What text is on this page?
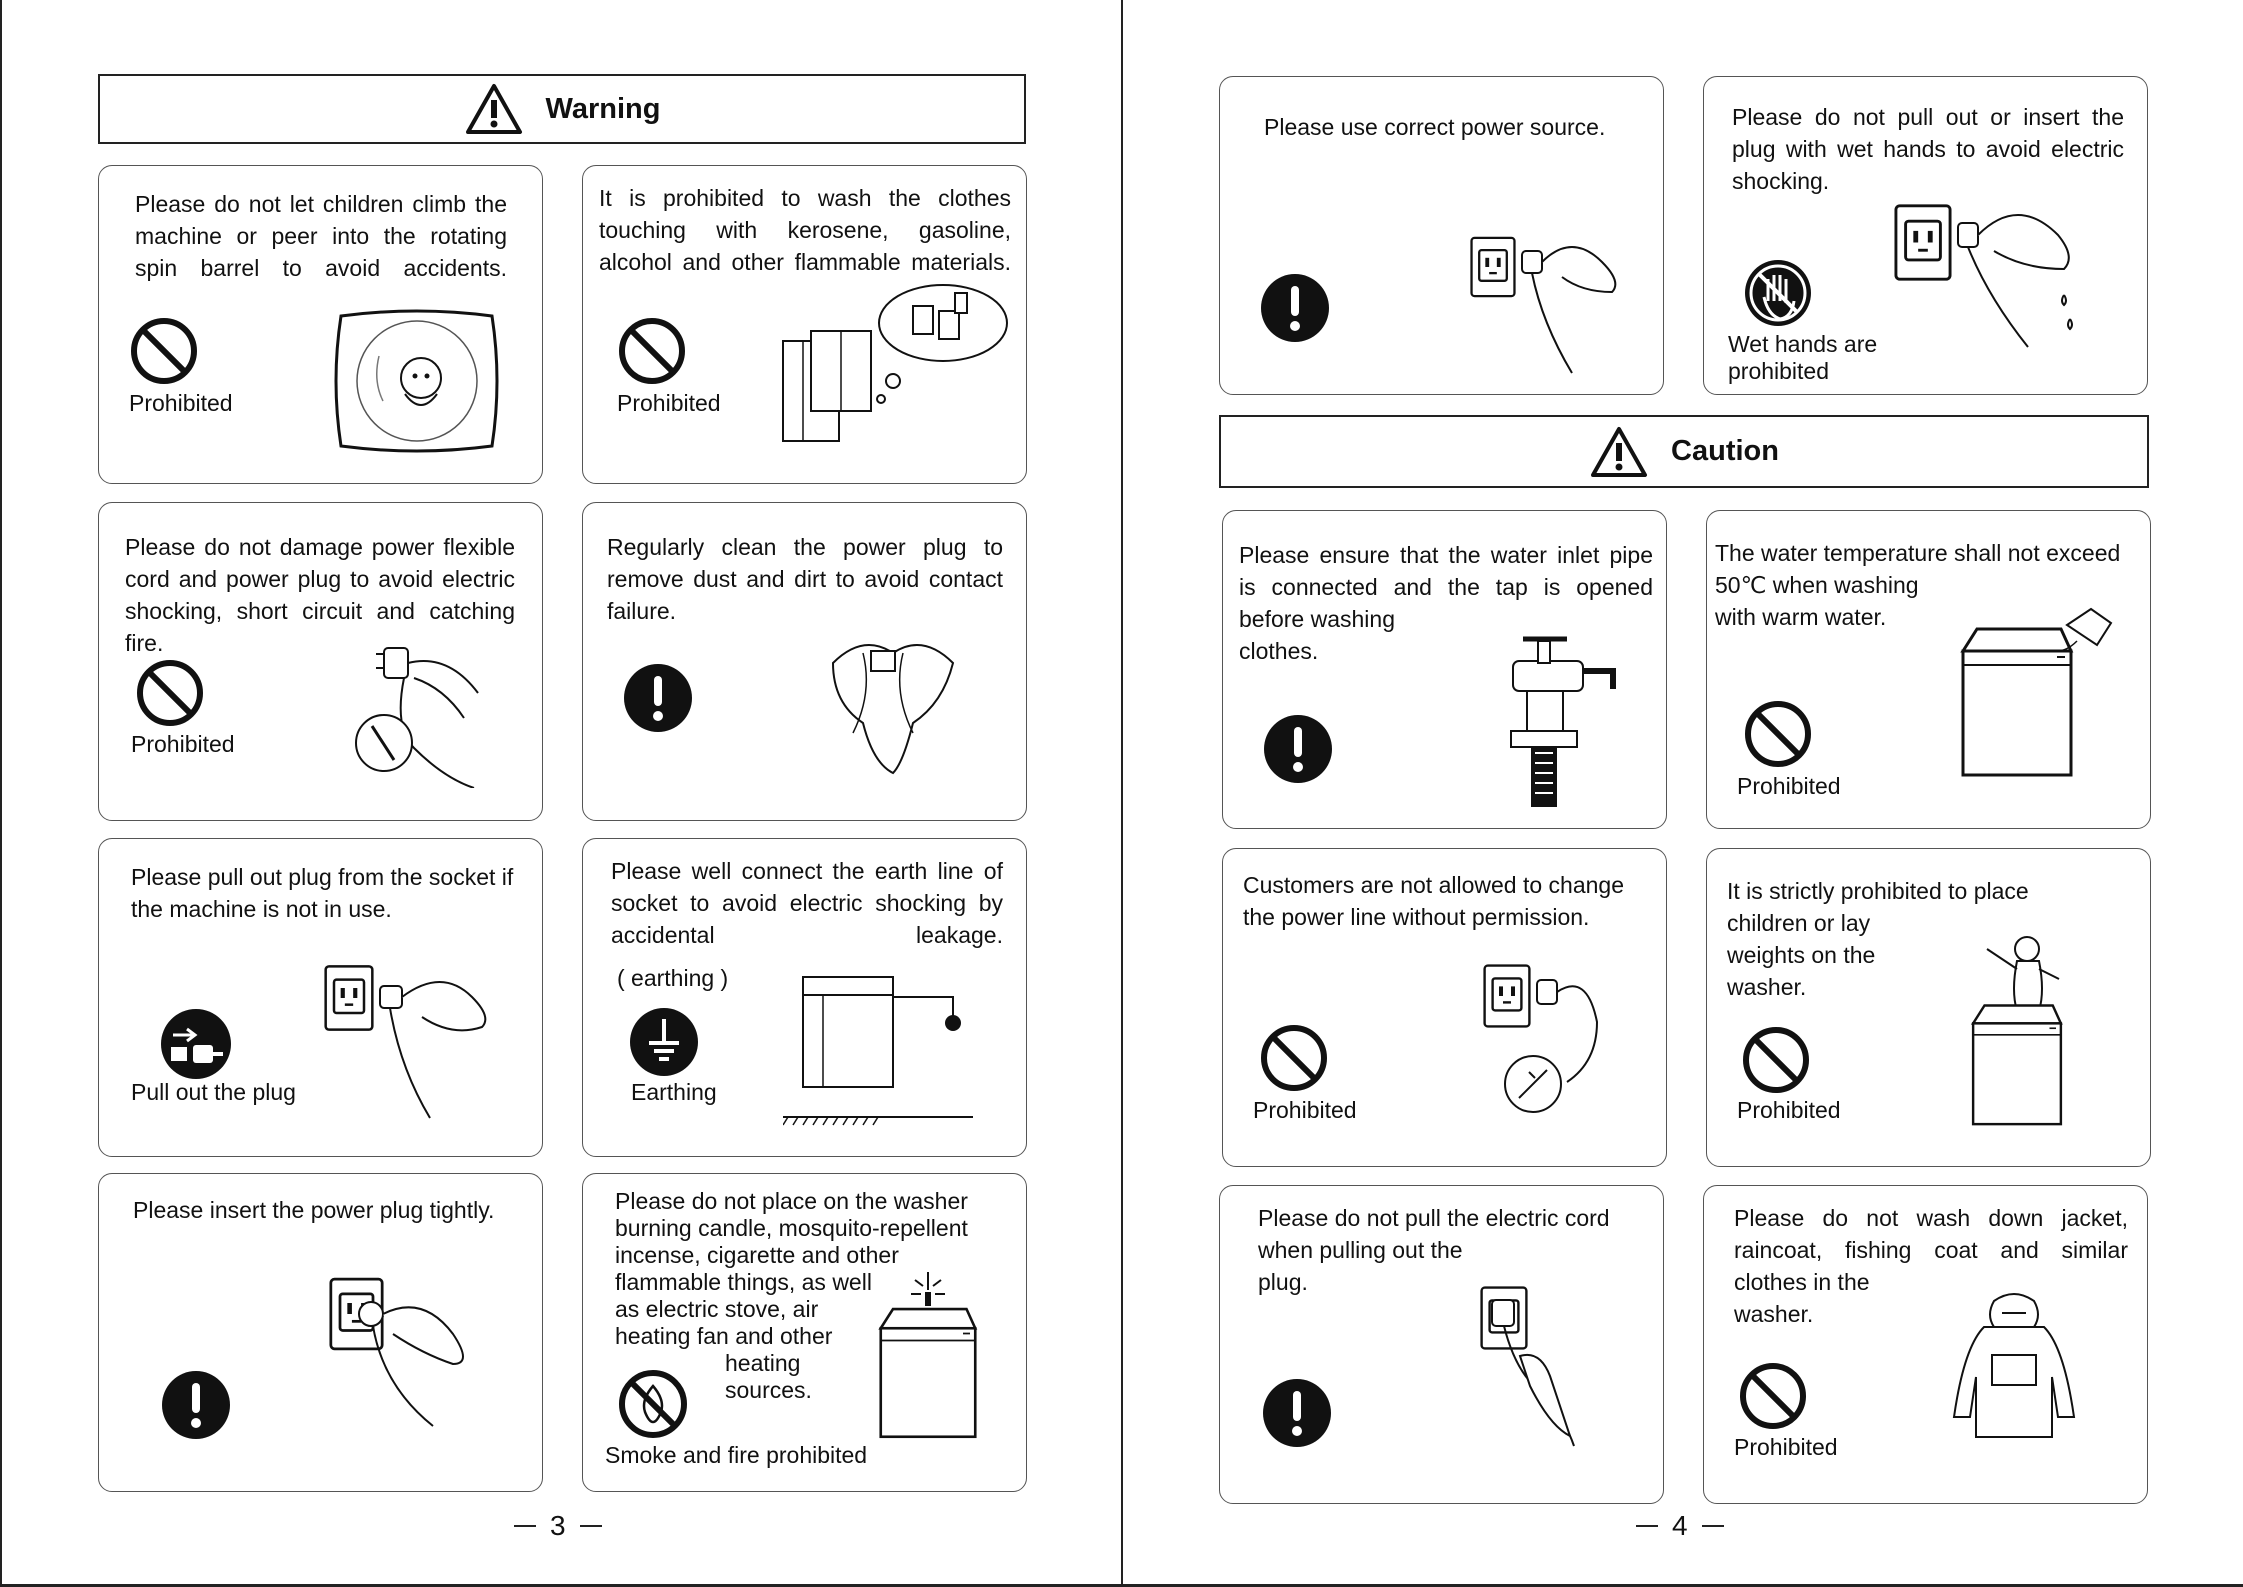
Warning
Please do not let children climb the machine or peer into the rotating spin barrel to avoid accidents.
Prohibited
It is prohibited to wash the clothes touching with kerosene, gasoline, alcohol and other flammable materials.
Prohibited
Please do not damage power flexible cord and power plug to avoid electric shocking, short circuit and catching fire.
Prohibited
Regularly clean the power plug to remove dust and dirt to avoid contact failure.
Please pull out plug from the socket if the machine is not in use.
Pull out the plug
Please well connect the earth line of socket to avoid electric shocking by accidental leakage.
( earthing )
Earthing
Please insert the power plug tightly.	Please do not place on the washer
burning candle, mosquito-repellent
incense, cigarette and other
flammable things, as well
as electric stove, air
heating fan and other
heating
sources.
Smoke and fire prohibited
3
Please use correct power source.	Please do not pull out or insert the plug with wet hands to avoid electric shocking.
Wet hands are
prohibited
Caution
Please ensure that the water inlet pipe
is connected and the tap is opened
before washing
clothes.
The water temperature shall not exceed
50℃ when washing
with warm water.
Prohibited
Customers are not allowed to change the power line without permission.
Prohibited
It is strictly prohibited to place
children or lay
weights on the
washer.
Prohibited
Please do not pull the electric cord
when pulling out the
plug.
Please do not wash down jacket,
raincoat, fishing coat and similar
clothes in the
washer.
Prohibited
4
